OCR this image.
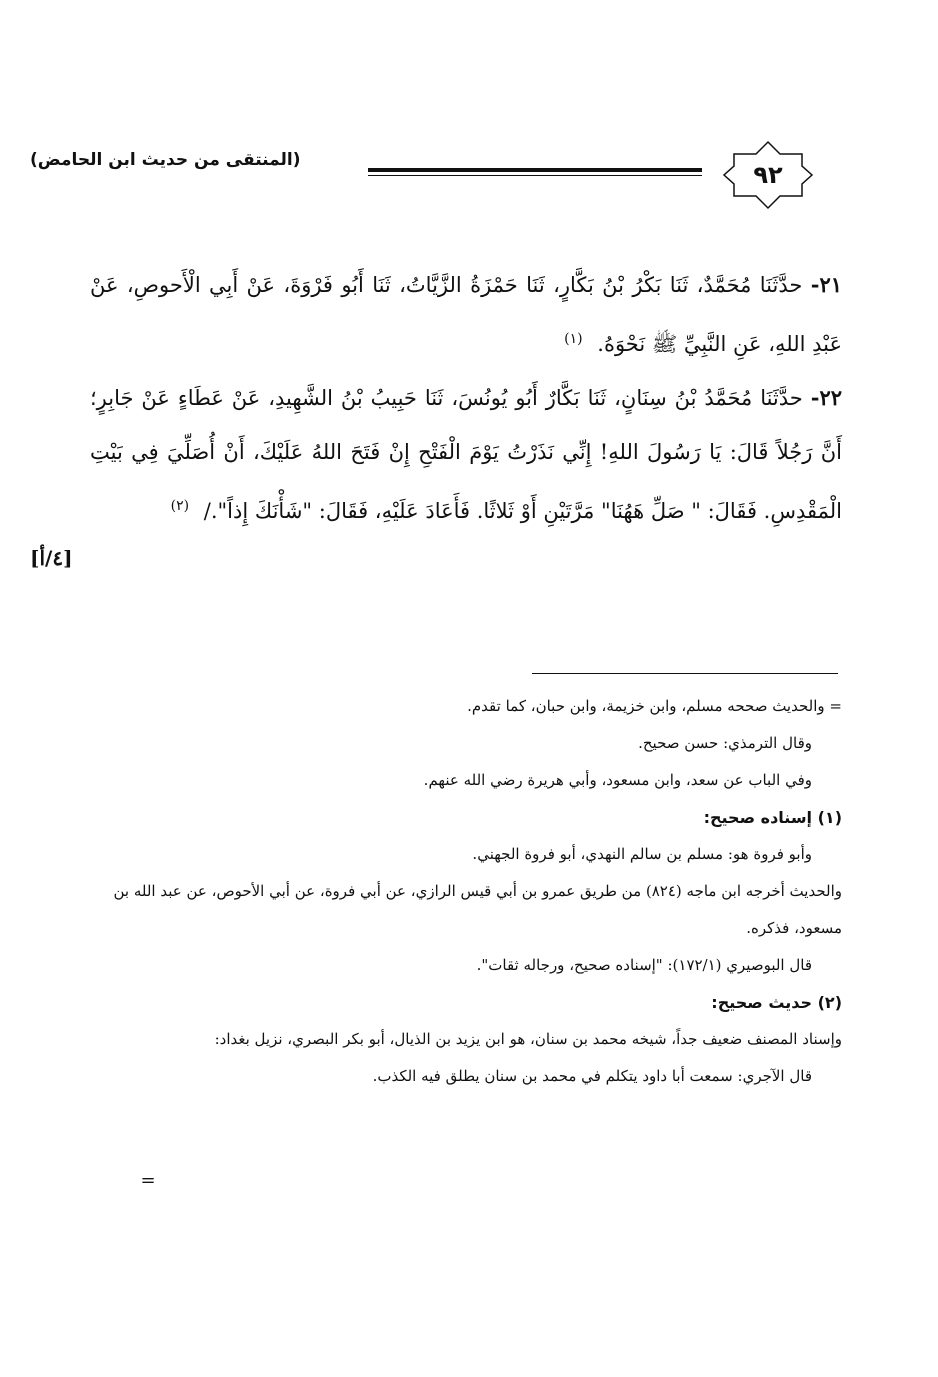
(المنتقى من حديث ابن الحامض)
٩٢

٢١- حدَّثَنَا مُحَمَّدٌ، ثَنَا بَكْرُ بْنُ بَكَّارٍ، ثَنَا حَمْزَةُ الزَّيَّاتُ، ثَنَا أَبُو فَرْوَةَ، عَنْ أَبِي الْأَحوصِ، عَنْ عَبْدِ اللهِ، عَنِ النَّبِيِّ ﷺ نَحْوَهُ. $^{(١)}$

٢٢- حدَّثَنَا مُحَمَّدُ بْنُ سِنَانٍ، ثَنَا بَكَّارٌ أَبُو يُونُسَ، ثَنَا حَبِيبُ بْنُ الشَّهِيدِ، عَنْ عَطَاءٍ عَنْ جَابِرٍ؛ أَنَّ رَجُلاً قَالَ: يَا رَسُولَ اللهِ! إِنِّي نَذَرْتُ يَوْمَ الْفَتْحِ إِنْ فَتَحَ اللهُ عَلَيْكَ، أَنْ أُصَلِّيَ فِي بَيْتِ الْمَقْدِسِ. فَقَالَ: " صَلِّ هَهُنَا" مَرَّتَيْنِ أَوْ ثَلاثًا. فَأَعَادَ عَلَيْهِ، فَقَالَ: "شَأْنَكَ إِذاً"./ $^{(٢)}$

[٤/أ]

= والحديث صححه مسلم، وابن خزيمة، وابن حبان، كما تقدم.

وقال الترمذي: حسن صحيح.

وفي الباب عن سعد، وابن مسعود، وأبي هريرة رضي الله عنهم.

(١) إسناده صحيح:

وأبو فروة هو: مسلم بن سالم النهدي، أبو فروة الجهني.

والحديث أخرجه ابن ماجه (٨٢٤) من طريق عمرو بن أبي قيس الرازي، عن أبي فروة، عن أبي الأحوص، عن عبد الله بن مسعود، فذكره.

قال البوصيري (١٧٢/١): "إسناده صحيح، ورجاله ثقات".

(٢) حديث صحيح:

وإسناد المصنف ضعيف جداً، شيخه محمد بن سنان، هو ابن يزيد بن الذيال، أبو بكر البصري، نزيل بغداد:

قال الآجري: سمعت أبا داود يتكلم في محمد بن سنان يطلق فيه الكذب.

=
